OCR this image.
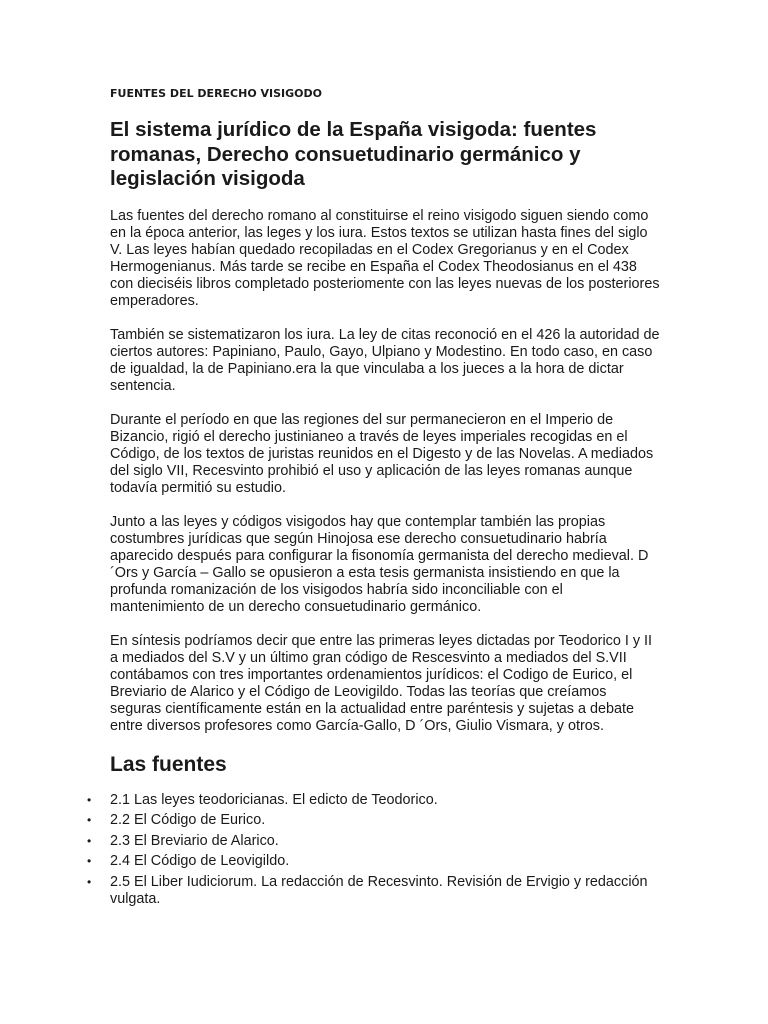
FUENTES DEL DERECHO VISIGODO
El sistema jurídico de la España visigoda: fuentes romanas, Derecho consuetudinario germánico y legislación visigoda

Las fuentes del derecho romano al constituirse el reino visigodo siguen siendo como en la época anterior, las leges y los iura. Estos textos se utilizan hasta fines del siglo V. Las leyes habían quedado recopiladas en el Codex Gregorianus y en el Codex Hermogenianus. Más tarde se recibe en España el Codex Theodosianus en el 438 con dieciséis libros completado posteriomente con las leyes nuevas de los posteriores emperadores.

También se sistematizaron los iura. La ley de citas reconoció en el 426 la autoridad de ciertos autores: Papiniano, Paulo, Gayo, Ulpiano y Modestino. En todo caso, en caso de igualdad, la de Papiniano.era la que vinculaba a los jueces a la hora de dictar sentencia.

Durante el período en que las regiones del sur permanecieron en el Imperio de Bizancio, rigió el derecho justinianeo a través de leyes imperiales recogidas en el Código, de los textos de juristas reunidos en el Digesto y de las Novelas. A mediados del siglo VII, Recesvinto prohibió el uso y aplicación de las leyes romanas aunque todavía permitió su estudio.

Junto a las leyes y códigos visigodos hay que contemplar también las propias costumbres jurídicas que según Hinojosa ese derecho consuetudinario habría aparecido después para configurar la fisonomía germanista del derecho medieval. D´Ors y García – Gallo se opusieron a esta tesis germanista insistiendo en que la profunda romanización de los visigodos habría sido inconciliable con el mantenimiento de un derecho consuetudinario germánico.

En síntesis podríamos decir que entre las primeras leyes dictadas por Teodorico I y II a mediados del S.V y un último gran código de Rescesvinto a mediados del S.VII contábamos con tres importantes ordenamientos jurídicos: el Codigo de Eurico, el Breviario de Alarico y el Código de Leovigildo. Todas las teorías que creíamos seguras científicamente están en la actualidad entre paréntesis y sujetas a debate entre diversos profesores como García-Gallo, D ´Ors, Giulio Vismara, y otros.

Las fuentes
• 2.1 Las leyes teodoricianas. El edicto de Teodorico.
• 2.2 El Código de Eurico.
• 2.3 El Breviario de Alarico.
• 2.4 El Código de Leovigildo.
• 2.5 El Liber Iudiciorum. La redacción de Recesvinto. Revisión de Ervigio y redacción vulgata.
